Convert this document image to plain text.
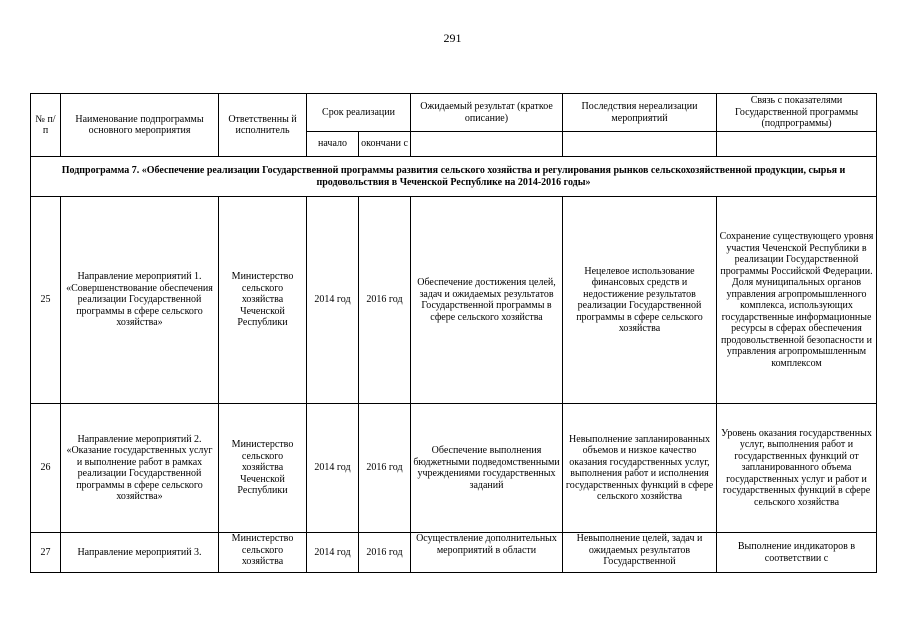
291
№ п/п	Наименование подпрограммы основного мероприятия	Ответственны й исполнитель	Срок реализации		Ожидаемый результат (краткое описание)	Последствия нереализации мероприятий	Связь с показателями Государственной программы (подпрограммы)
			начало	окончани с			
Подпрограмма 7. «Обеспечение реализации Государственной программы развития сельского хозяйства и регулирования рынков сельскохозяйственной продукции, сырья и продовольствия в Чеченской Республике на 2014-2016 годы»							
25	Направление мероприятий 1. «Совершенствование обеспечения реализации Государственной программы в сфере сельского хозяйства»	Министерство сельского хозяйства Чеченской Республики	2014 год	2016 год	Обеспечение достижения целей, задач и ожидаемых результатов Государственной программы в сфере сельского хозяйства	Нецелевое использование финансовых средств и недостижение результатов реализации Государственной программы в сфере сельского хозяйства	Сохранение существующего уровня участия Чеченской Республики в реализации Государственной программы Российской Федерации. Доля муниципальных органов управления агропромышленного комплекса, использующих государственные информационные ресурсы в сферах обеспечения продовольственной безопасности и управления агропромышленным комплексом
26	Направление мероприятий 2. «Оказание государственных услуг и выполнение работ в рамках реализации Государственной программы в сфере сельского хозяйства»	Министерство сельского хозяйства Чеченской Республики	2014 год	2016 год	Обеспечение выполнения бюджетными подведомственными учреждениями государственных заданий	Невыполнение запланированных объемов и низкое качество оказания государственных услуг, выполнения работ и исполнения государственных функций в сфере сельского хозяйства	Уровень оказания государственных услуг, выполнения работ и государственных функций от запланированного объема государственных услуг и работ и государственных функций в сфере сельского хозяйства
27	Направление мероприятий 3.	Министерство сельского хозяйства	2014 год	2016 год	Осуществление дополнительных мероприятий в области	Невыполнение целей, задач и ожидаемых результатов Государственной	Выполнение индикаторов в соответствии с
